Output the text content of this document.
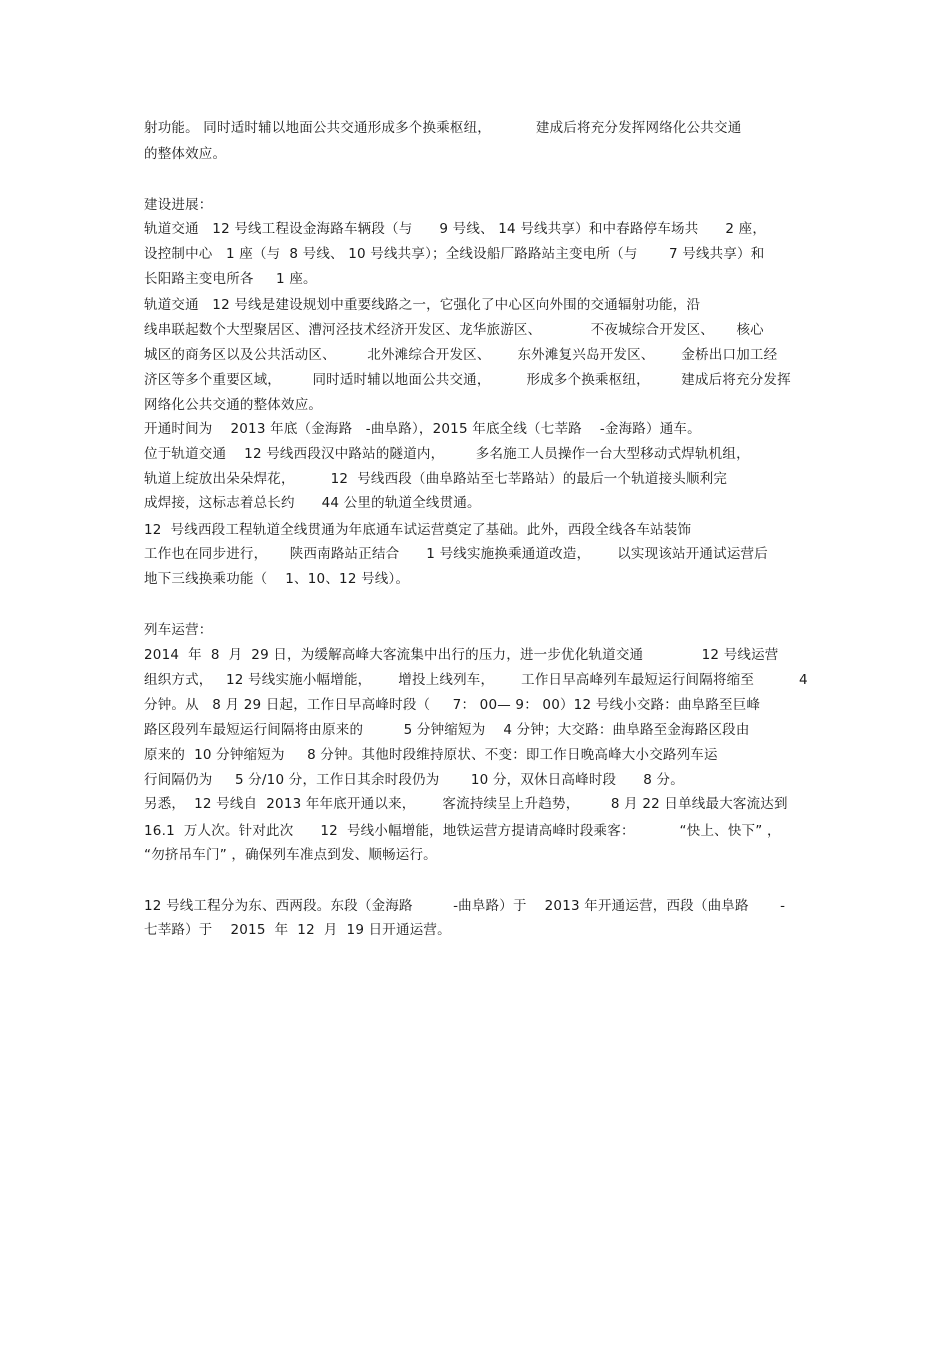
射功能。 同时适时辅以地面公共交通形成多个换乘枢纽，          建成后将充分发挥网络化公共交通
的整体效应。
建设进展：
轨道交通   12 号线工程设金海路车辆段（与      9 号线、 14 号线共享）和中春路停车场共      2 座，
设控制中心   1 座（与  8 号线、 10 号线共享）；全线设船厂路路站主变电所（与       7 号线共享）和
长阳路主变电所各     1 座。
轨道交通   12 号线是建设规划中重要线路之一，它强化了中心区向外围的交通辐射功能，沿
线串联起数个大型聚居区、漕河泾技术经济开发区、龙华旅游区、           不夜城综合开发区、     核心
城区的商务区以及公共活动区、       北外滩综合开发区、      东外滩复兴岛开发区、      金桥出口加工经
济区等多个重要区域，       同时适时辅以地面公共交通，        形成多个换乘枢纽，       建成后将充分发挥
网络化公共交通的整体效应。
开通时间为    2013 年底（金海路   -曲阜路），2015 年底全线（七莘路    -金海路）通车。
位于轨道交通    12 号线西段汉中路站的隧道内，       多名施工人员操作一台大型移动式焊轨机组，
轨道上绽放出朵朵焊花，        12  号线西段（曲阜路站至七莘路站）的最后一个轨道接头顺利完
成焊接，这标志着总长约      44 公里的轨道全线贯通。
12  号线西段工程轨道全线贯通为年底通车试运营奠定了基础。此外，西段全线各车站装饰
工作也在同步进行，     陕西南路站正结合      1 号线实施换乘通道改造，      以实现该站开通试运营后
地下三线换乘功能（    1、10、12 号线）。
列车运营：
2014  年  8  月  29 日，为缓解高峰大客流集中出行的压力，进一步优化轨道交通             12 号线运营
组织方式，   12 号线实施小幅增能，      增投上线列车，      工作日早高峰列车最短运行间隔将缩至          4
分钟。从   8 月 29 日起，工作日早高峰时段（     7： 00— 9： 00）12 号线小交路：曲阜路至巨峰
路区段列车最短运行间隔将由原来的         5 分钟缩短为    4 分钟；大交路：曲阜路至金海路区段由
原来的  10 分钟缩短为     8 分钟。其他时段维持原状、不变：即工作日晚高峰大小交路列车运
行间隔仍为     5 分/10 分，工作日其余时段仍为       10 分，双休日高峰时段      8 分。
另悉，  12 号线自  2013 年年底开通以来，      客流持续呈上升趋势，       8 月 22 日单线最大客流达到
16.1  万人次。针对此次      12  号线小幅增能，地铁运营方提请高峰时段乘客：          “快上、快下” ，
“勿挤吊车门” ，确保列车准点到发、顺畅运行。
12 号线工程分为东、西两段。东段（金海路         -曲阜路）于    2013 年开通运营，西段（曲阜路       -
七莘路）于    2015  年  12  月  19 日开通运营。
